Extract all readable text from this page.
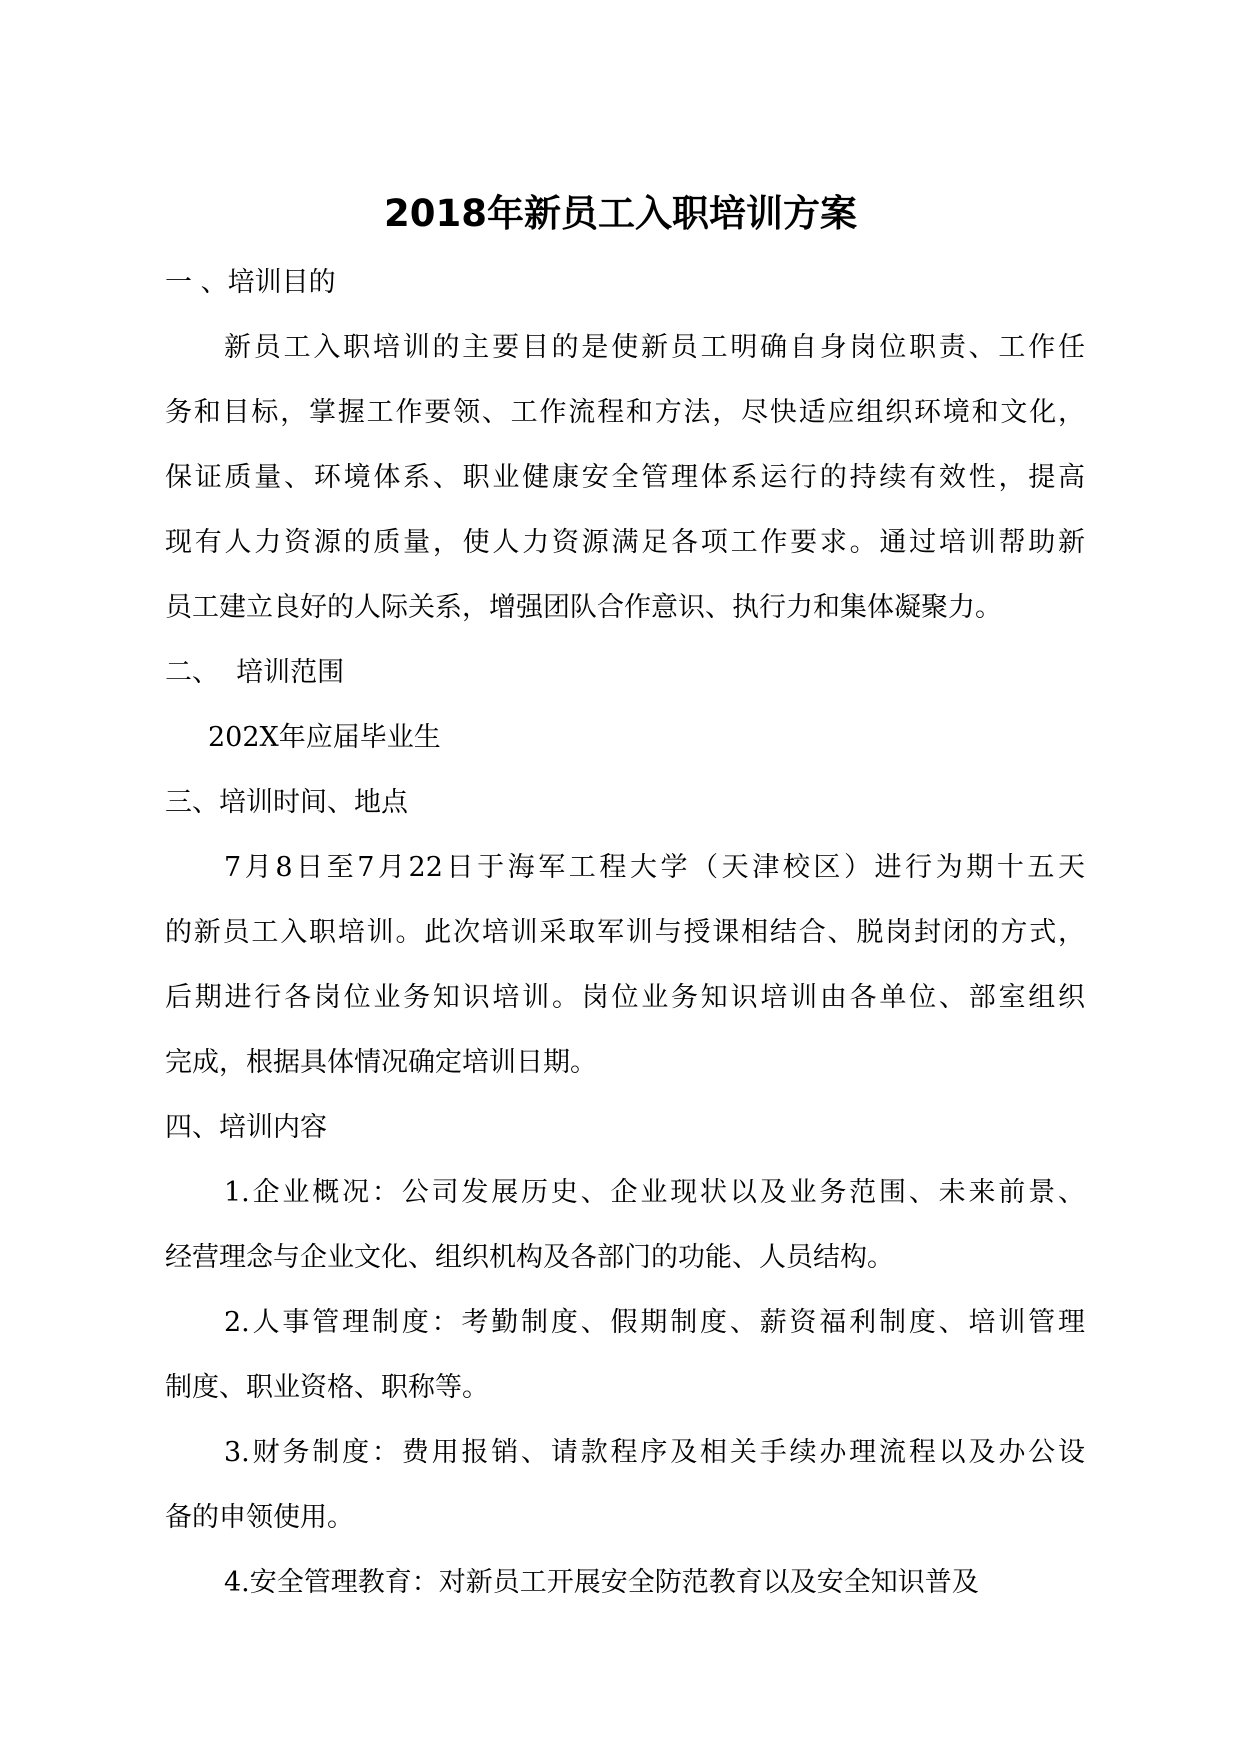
2018年新员工入职培训方案

一 、培训目的

新员工入职培训的主要目的是使新员工明确自身岗位职责、工作任

务和目标，掌握工作要领、工作流程和方法，尽快适应组织环境和文化，

保证质量、环境体系、职业健康安全管理体系运行的持续有效性，提高

现有人力资源的质量，使人力资源满足各项工作要求。通过培训帮助新

员工建立良好的人际关系，增强团队合作意识、执行力和集体凝聚力。

二、  培训范围

202X年应届毕业生

三、培训时间、地点

7月8日至7月22日于海军工程大学（天津校区）进行为期十五天

的新员工入职培训。此次培训采取军训与授课相结合、脱岗封闭的方式，

后期进行各岗位业务知识培训。岗位业务知识培训由各单位、部室组织

完成，根据具体情况确定培训日期。

四、培训内容

1.企业概况：公司发展历史、企业现状以及业务范围、未来前景、

经营理念与企业文化、组织机构及各部门的功能、人员结构。

2.人事管理制度：考勤制度、假期制度、薪资福利制度、培训管理

制度、职业资格、职称等。

3.财务制度：费用报销、请款程序及相关手续办理流程以及办公设

备的申领使用。

4.安全管理教育：对新员工开展安全防范教育以及安全知识普及
